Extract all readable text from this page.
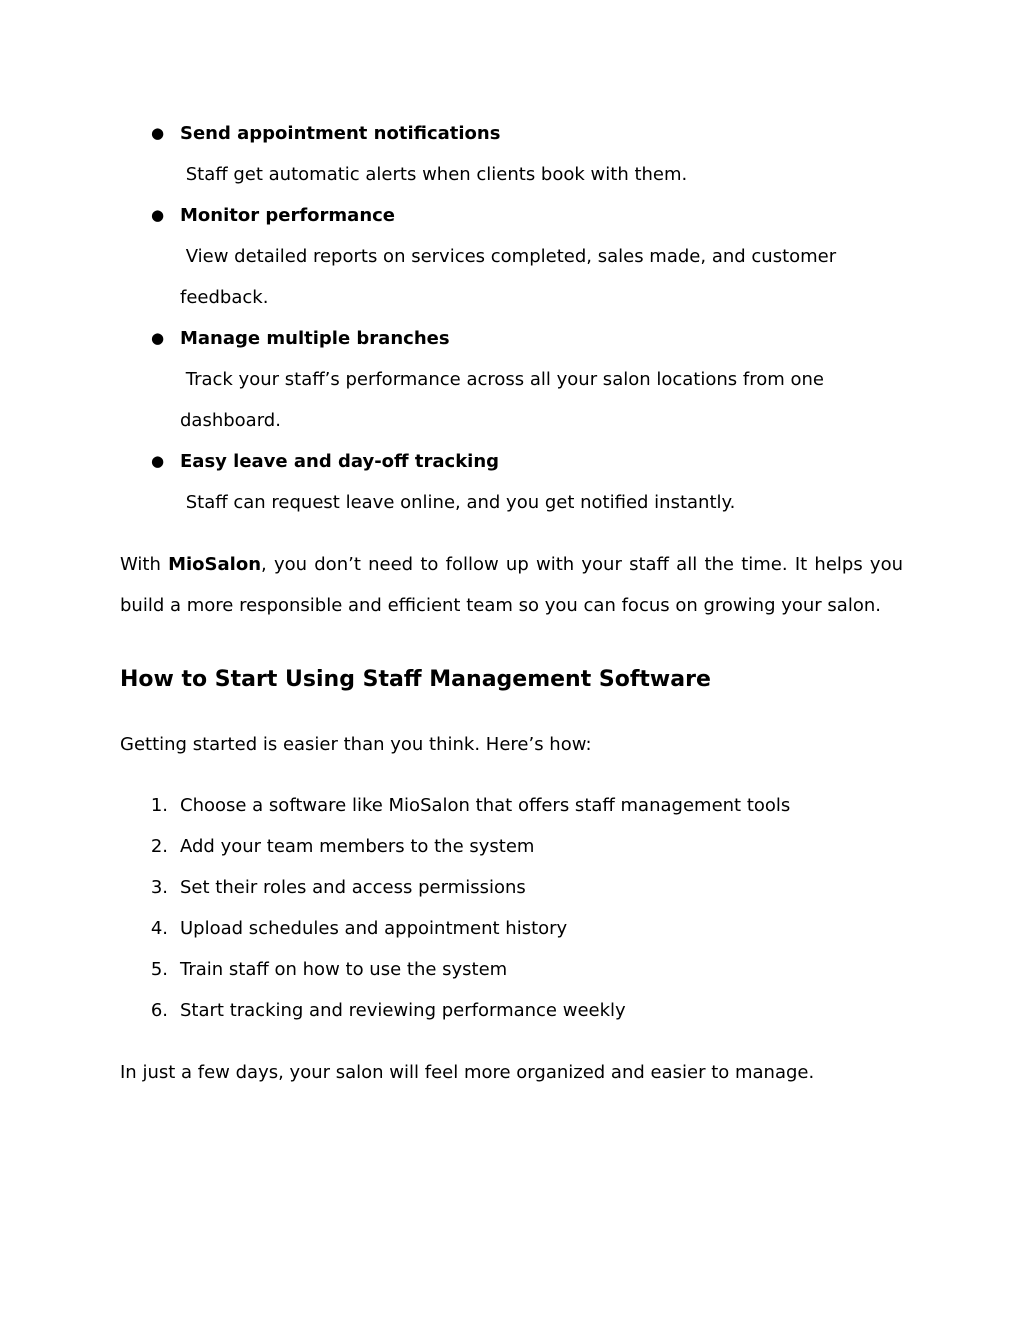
● Send appointment notifications
Staff get automatic alerts when clients book with them.
● Monitor performance
View detailed reports on services completed, sales made, and customer feedback.
● Manage multiple branches
Track your staff’s performance across all your salon locations from one dashboard.
● Easy leave and day-off tracking
Staff can request leave online, and you get notified instantly.

With MioSalon, you don’t need to follow up with your staff all the time. It helps you build a more responsible and efficient team so you can focus on growing your salon.

How to Start Using Staff Management Software

Getting started is easier than you think. Here’s how:

1. Choose a software like MioSalon that offers staff management tools
2. Add your team members to the system
3. Set their roles and access permissions
4. Upload schedules and appointment history
5. Train staff on how to use the system
6. Start tracking and reviewing performance weekly

In just a few days, your salon will feel more organized and easier to manage.
